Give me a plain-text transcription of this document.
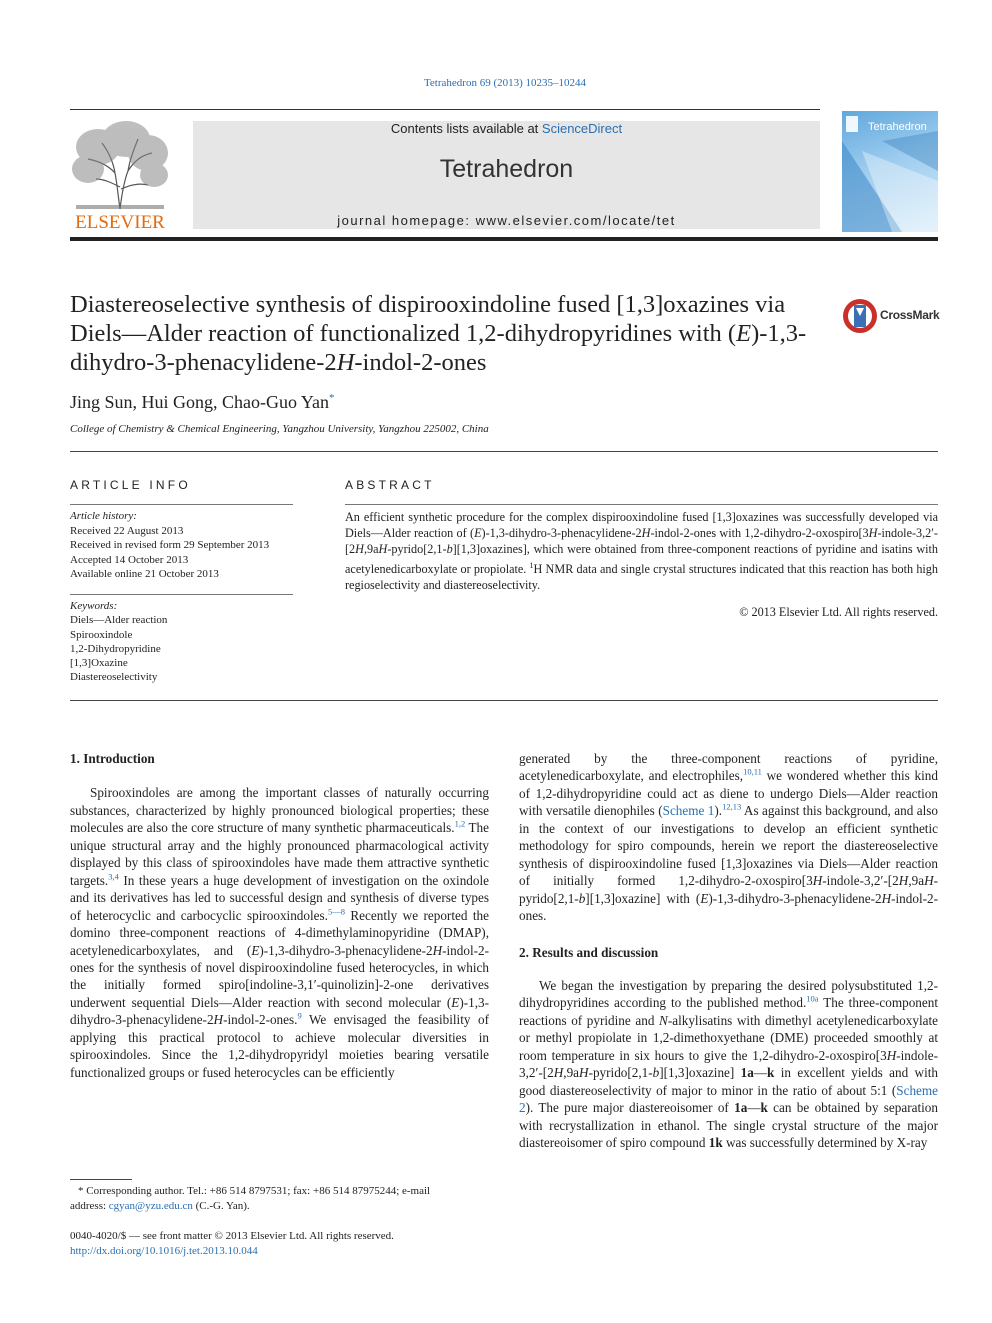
Tetrahedron 69 (2013) 10235–10244
ELSEVIER
Contents lists available at ScienceDirect
Tetrahedron
journal homepage: www.elsevier.com/locate/tet
Tetrahedron
Diastereoselective synthesis of dispirooxindoline fused [1,3]oxazines via Diels—Alder reaction of functionalized 1,2-dihydropyridines with (E)-1,3-dihydro-3-phenacylidene-2H-indol-2-ones
CrossMark
Jing Sun, Hui Gong, Chao-Guo Yan*
College of Chemistry & Chemical Engineering, Yangzhou University, Yangzhou 225002, China
ARTICLE INFO	ABSTRACT
Article history:
Received 22 August 2013
Received in revised form 29 September 2013
Accepted 14 October 2013
Available online 21 October 2013
Keywords:
Diels—Alder reaction
Spirooxindole
1,2-Dihydropyridine
[1,3]Oxazine
Diastereoselectivity
An efficient synthetic procedure for the complex dispirooxindoline fused [1,3]oxazines was successfully developed via Diels—Alder reaction of (E)-1,3-dihydro-3-phenacylidene-2H-indol-2-ones with 1,2-dihydro-2-oxospiro[3H-indole-3,2′-[2H,9aH-pyrido[2,1-b][1,3]oxazines], which were obtained from three-component reactions of pyridine and isatins with acetylenedicarboxylate or propiolate. $^1$H NMR data and single crystal structures indicated that this reaction has both high regioselectivity and diastereoselectivity.
© 2013 Elsevier Ltd. All rights reserved.
1. Introduction

Spirooxindoles are among the important classes of naturally occurring substances, characterized by highly pronounced biological properties; these molecules are also the core structure of many synthetic pharmaceuticals.$^{1,2}$ The unique structural array and the highly pronounced pharmacological activity displayed by this class of spirooxindoles have made them attractive synthetic targets.$^{3,4}$ In these years a huge development of investigation on the oxindole and its derivatives has led to successful design and synthesis of diverse types of heterocyclic and carbocyclic spirooxindoles.$^{5—8}$ Recently we reported the domino three-component reactions of 4-dimethylaminopyridine (DMAP), acetylenedicarboxylates, and (E)-1,3-dihydro-3-phenacylidene-2H-indol-2-ones for the synthesis of novel dispirooxindoline fused heterocycles, in which the initially formed spiro[indoline-3,1′-quinolizin]-2-one derivatives underwent sequential Diels—Alder reaction with second molecular (E)-1,3-dihydro-3-phenacylidene-2H-indol-2-ones.$^9$ We envisaged the feasibility of applying this practical protocol to achieve molecular diversities in spirooxindoles. Since the 1,2-dihydropyridyl moieties bearing versatile functionalized groups or fused heterocycles can be efficiently

generated by the three-component reactions of pyridine, acetylenedicarboxylate, and electrophiles,$^{10,11}$ we wondered whether this kind of 1,2-dihydropyridine could act as diene to undergo Diels—Alder reaction with versatile dienophiles (Scheme 1).$^{12,13}$ As against this background, and also in the context of our investigations to develop an efficient synthetic methodology for spiro compounds, herein we report the diastereoselective synthesis of dispirooxindoline fused [1,3]oxazines via Diels—Alder reaction of initially formed 1,2-dihydro-2-oxospiro[3H-indole-3,2′-[2H,9aH-pyrido[2,1-b][1,3]oxazine] with (E)-1,3-dihydro-3-phenacylidene-2H-indol-2-ones.

2. Results and discussion

We began the investigation by preparing the desired polysubstituted 1,2-dihydropyridines according to the published method.$^{10a}$ The three-component reactions of pyridine and N-alkylisatins with dimethyl acetylenedicarboxylate or methyl propiolate in 1,2-dimethoxyethane (DME) proceeded smoothly at room temperature in six hours to give the 1,2-dihydro-2-oxospiro[3H-indole-3,2′-[2H,9aH-pyrido[2,1-b][1,3]oxazine] 1a—k in excellent yields and with good diastereoselectivity of major to minor in the ratio of about 5:1 (Scheme 2). The pure major diastereoisomer of 1a—k can be obtained by separation with recrystallization in ethanol. The single crystal structure of the major diastereoisomer of spiro compound 1k was successfully determined by X-ray

* Corresponding author. Tel.: +86 514 8797531; fax: +86 514 87975244; e-mail
address: cgyan@yzu.edu.cn (C.-G. Yan).
0040-4020/$ — see front matter © 2013 Elsevier Ltd. All rights reserved.
http://dx.doi.org/10.1016/j.tet.2013.10.044
